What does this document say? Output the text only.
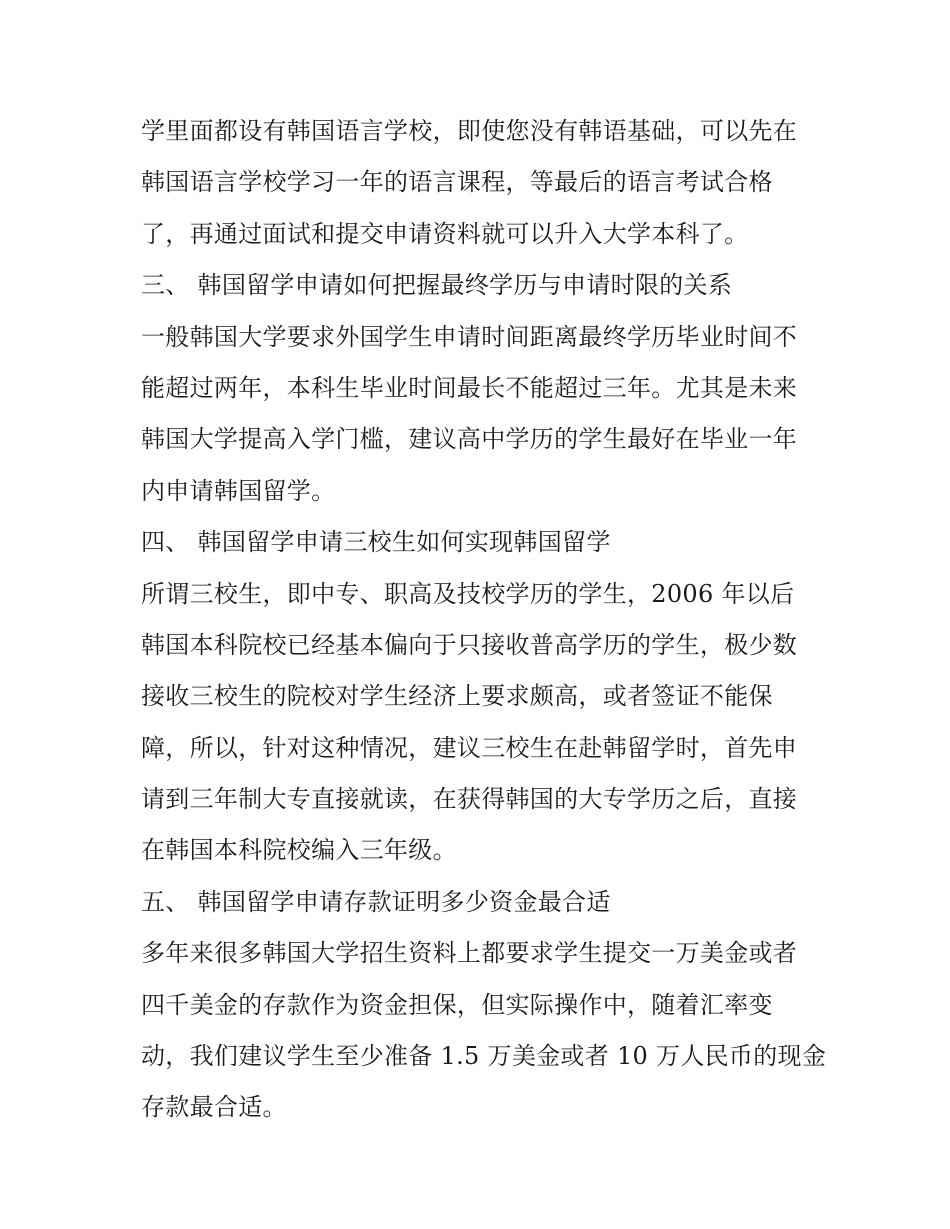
学里面都设有韩国语言学校，即使您没有韩语基础，可以先在
韩国语言学校学习一年的语言课程，等最后的语言考试合格
了，再通过面试和提交申请资料就可以升入大学本科了。
三、 韩国留学申请如何把握最终学历与申请时限的关系
一般韩国大学要求外国学生申请时间距离最终学历毕业时间不
能超过两年，本科生毕业时间最长不能超过三年。尤其是未来
韩国大学提高入学门槛，建议高中学历的学生最好在毕业一年
内申请韩国留学。
四、 韩国留学申请三校生如何实现韩国留学
所谓三校生，即中专、职高及技校学历的学生，2006 年以后
韩国本科院校已经基本偏向于只接收普高学历的学生，极少数
接收三校生的院校对学生经济上要求颇高，或者签证不能保
障，所以，针对这种情况，建议三校生在赴韩留学时，首先申
请到三年制大专直接就读，在获得韩国的大专学历之后，直接
在韩国本科院校编入三年级。
五、 韩国留学申请存款证明多少资金最合适
多年来很多韩国大学招生资料上都要求学生提交一万美金或者
四千美金的存款作为资金担保，但实际操作中，随着汇率变
动，我们建议学生至少准备 1.5 万美金或者 10 万人民币的现金
存款最合适。
